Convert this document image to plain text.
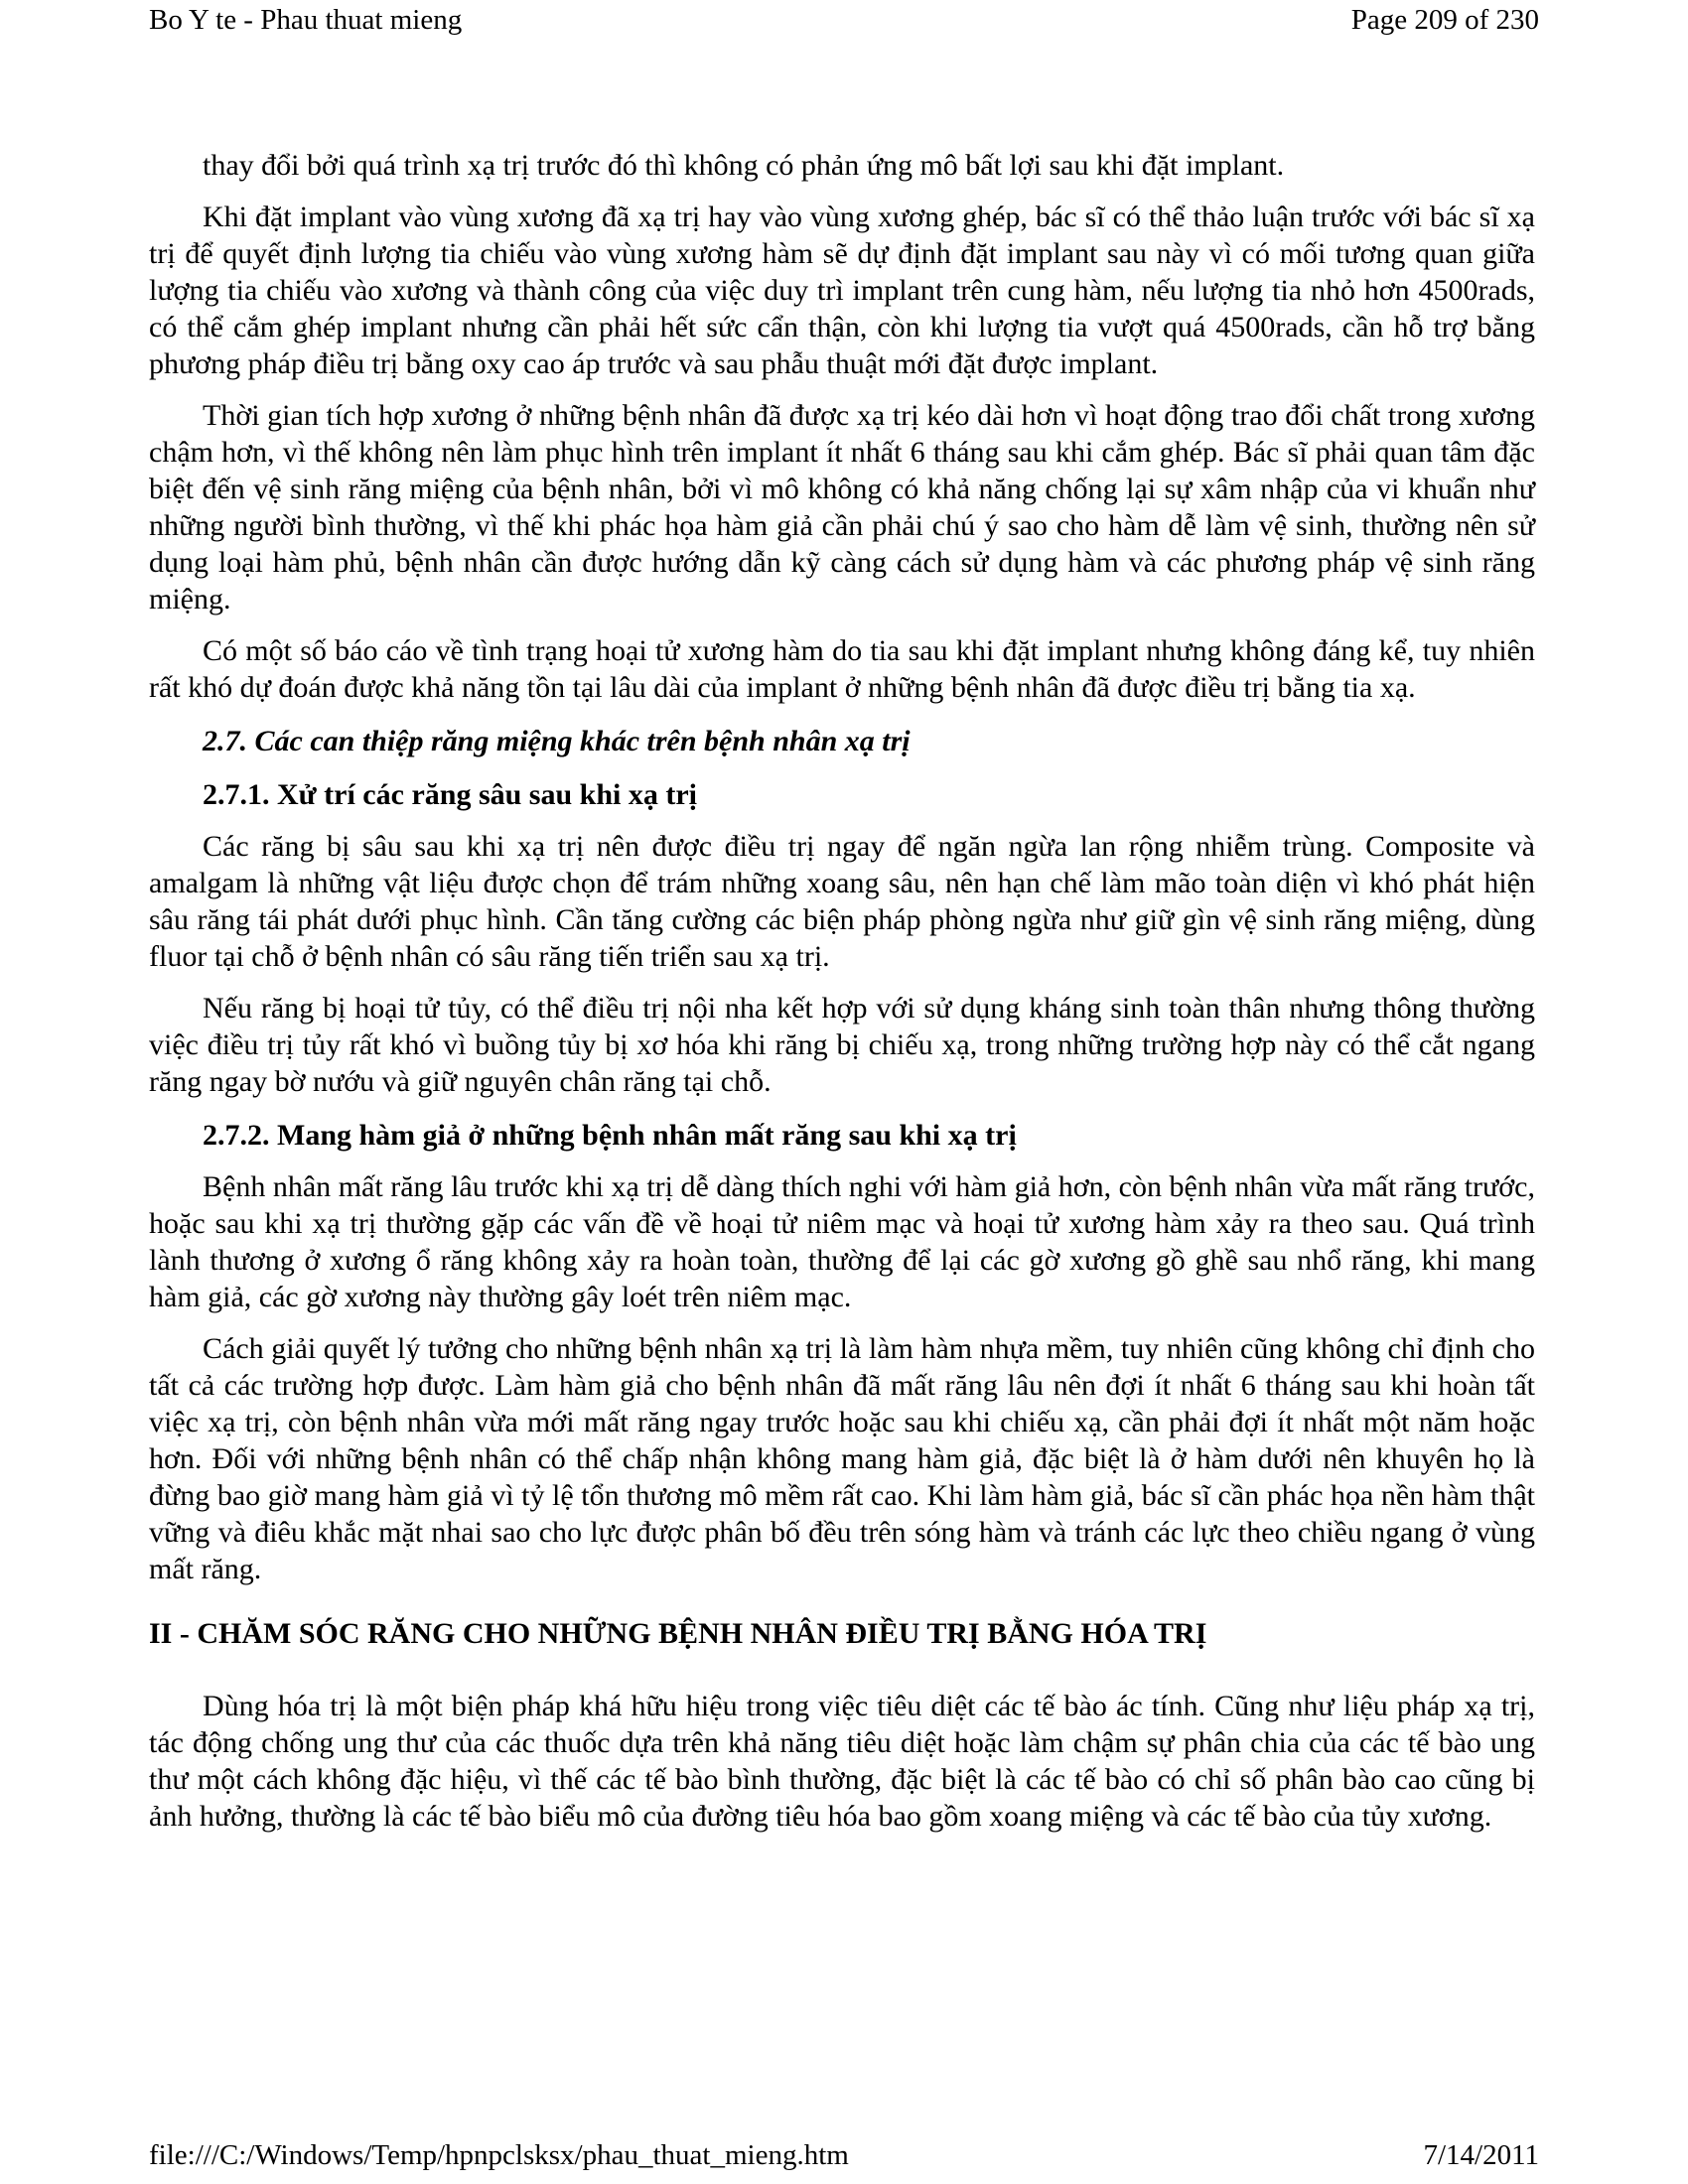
Bo Y te - Phau thuat mieng	Page 209 of 230

thay đổi bởi quá trình xạ trị trước đó thì không có phản ứng mô bất lợi sau khi đặt implant.

Khi đặt implant vào vùng xương đã xạ trị hay vào vùng xương ghép, bác sĩ có thể thảo luận trước với bác sĩ xạ trị để quyết định lượng tia chiếu vào vùng xương hàm sẽ dự định đặt implant sau này vì có mối tương quan giữa lượng tia chiếu vào xương và thành công của việc duy trì implant trên cung hàm, nếu lượng tia nhỏ hơn 4500rads, có thể cắm ghép implant nhưng cần phải hết sức cẩn thận, còn khi lượng tia vượt quá 4500rads, cần hỗ trợ bằng phương pháp điều trị bằng oxy cao áp trước và sau phẫu thuật mới đặt được implant.

Thời gian tích hợp xương ở những bệnh nhân đã được xạ trị kéo dài hơn vì hoạt động trao đổi chất trong xương chậm hơn, vì thế không nên làm phục hình trên implant ít nhất 6 tháng sau khi cắm ghép. Bác sĩ phải quan tâm đặc biệt đến vệ sinh răng miệng của bệnh nhân, bởi vì mô không có khả năng chống lại sự xâm nhập của vi khuẩn như những người bình thường, vì thế khi phác họa hàm giả cần phải chú ý sao cho hàm dễ làm vệ sinh, thường nên sử dụng loại hàm phủ, bệnh nhân cần được hướng dẫn kỹ càng cách sử dụng hàm và các phương pháp vệ sinh răng miệng.

Có một số báo cáo về tình trạng hoại tử xương hàm do tia sau khi đặt implant nhưng không đáng kể, tuy nhiên rất khó dự đoán được khả năng tồn tại lâu dài của implant ở những bệnh nhân đã được điều trị bằng tia xạ.

2.7. Các can thiệp răng miệng khác trên bệnh nhân xạ trị
2.7.1. Xử trí các răng sâu sau khi xạ trị

Các răng bị sâu sau khi xạ trị nên được điều trị ngay để ngăn ngừa lan rộng nhiễm trùng. Composite và amalgam là những vật liệu được chọn để trám những xoang sâu, nên hạn chế làm mão toàn diện vì khó phát hiện sâu răng tái phát dưới phục hình. Cần tăng cường các biện pháp phòng ngừa như giữ gìn vệ sinh răng miệng, dùng fluor tại chỗ ở bệnh nhân có sâu răng tiến triển sau xạ trị.

Nếu răng bị hoại tử tủy, có thể điều trị nội nha kết hợp với sử dụng kháng sinh toàn thân nhưng thông thường việc điều trị tủy rất khó vì buồng tủy bị xơ hóa khi răng bị chiếu xạ, trong những trường hợp này có thể cắt ngang răng ngay bờ nướu và giữ nguyên chân răng tại chỗ.

2.7.2. Mang hàm giả ở những bệnh nhân mất răng sau khi xạ trị

Bệnh nhân mất răng lâu trước khi xạ trị dễ dàng thích nghi với hàm giả hơn, còn bệnh nhân vừa mất răng trước, hoặc sau khi xạ trị thường gặp các vấn đề về hoại tử niêm mạc và hoại tử xương hàm xảy ra theo sau. Quá trình lành thương ở xương ổ răng không xảy ra hoàn toàn, thường để lại các gờ xương gồ ghề sau nhổ răng, khi mang hàm giả, các gờ xương này thường gây loét trên niêm mạc.

Cách giải quyết lý tưởng cho những bệnh nhân xạ trị là làm hàm nhựa mềm, tuy nhiên cũng không chỉ định cho tất cả các trường hợp được. Làm hàm giả cho bệnh nhân đã mất răng lâu nên đợi ít nhất 6 tháng sau khi hoàn tất việc xạ trị, còn bệnh nhân vừa mới mất răng ngay trước hoặc sau khi chiếu xạ, cần phải đợi ít nhất một năm hoặc hơn. Đối với những bệnh nhân có thể chấp nhận không mang hàm giả, đặc biệt là ở hàm dưới nên khuyên họ là đừng bao giờ mang hàm giả vì tỷ lệ tổn thương mô mềm rất cao. Khi làm hàm giả, bác sĩ cần phác họa nền hàm thật vững và điêu khắc mặt nhai sao cho lực được phân bố đều trên sóng hàm và tránh các lực theo chiều ngang ở vùng mất răng.

II - CHĂM SÓC RĂNG CHO NHỮNG BỆNH NHÂN ĐIỀU TRỊ BẰNG HÓA TRỊ

Dùng hóa trị là một biện pháp khá hữu hiệu trong việc tiêu diệt các tế bào ác tính. Cũng như liệu pháp xạ trị, tác động chống ung thư của các thuốc dựa trên khả năng tiêu diệt hoặc làm chậm sự phân chia của các tế bào ung thư một cách không đặc hiệu, vì thế các tế bào bình thường, đặc biệt là các tế bào có chỉ số phân bào cao cũng bị ảnh hưởng, thường là các tế bào biểu mô của đường tiêu hóa bao gồm xoang miệng và các tế bào của tủy xương.

file:///C:/Windows/Temp/hpnpclsksx/phau_thuat_mieng.htm	7/14/2011
